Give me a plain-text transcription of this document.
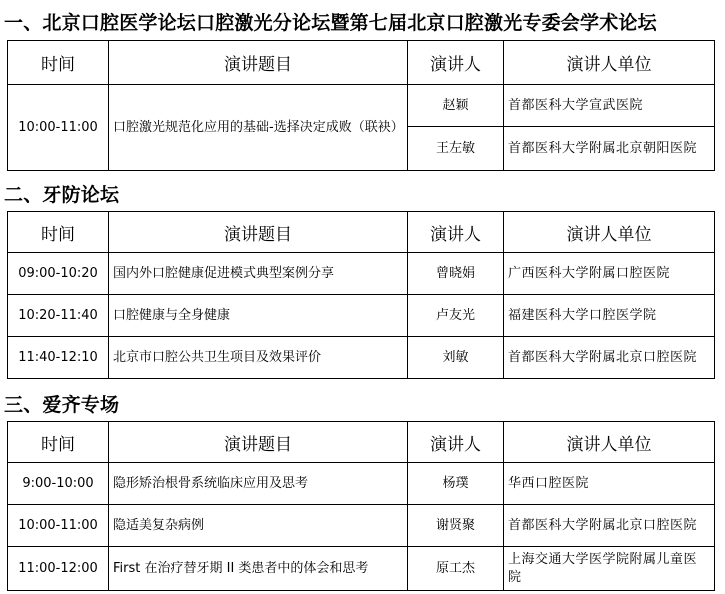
一、北京口腔医学论坛口腔激光分论坛暨第七届北京口腔激光专委会学术论坛
时间	演讲题目	演讲人	演讲人单位
10:00-11:00	口腔激光规范化应用的基础-选择决定成败（联袂）	赵颖	首都医科大学宣武医院
		王左敏	首都医科大学附属北京朝阳医院
二、牙防论坛
时间	演讲题目	演讲人	演讲人单位
09:00-10:20	国内外口腔健康促进模式典型案例分享	曾晓娟	广西医科大学附属口腔医院
10:20-11:40	口腔健康与全身健康	卢友光	福建医科大学口腔医学院
11:40-12:10	北京市口腔公共卫生项目及效果评价	刘敏	首都医科大学附属北京口腔医院
三、爱齐专场
时间	演讲题目	演讲人	演讲人单位
9:00-10:00	隐形矫治根骨系统临床应用及思考	杨璞	华西口腔医院
10:00-11:00	隐适美复杂病例	谢贤聚	首都医科大学附属北京口腔医院
11:00-12:00	First 在治疗替牙期 II 类患者中的体会和思考	原工杰	上海交通大学医学院附属儿童医院
